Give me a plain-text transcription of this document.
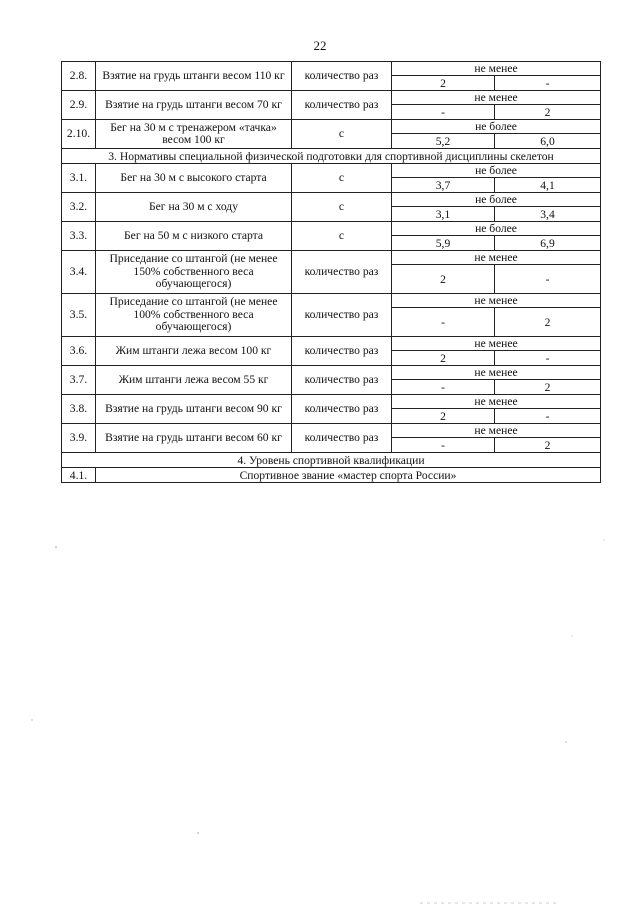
22
2.8.	Взятие на грудь штанги весом 110 кг	количество раз	не менее	
			2	-
2.9.	Взятие на грудь штанги весом 70 кг	количество раз	не менее	
			-	2
2.10.	Бег на 30 м с тренажером «тачка» весом 100 кг	с	не более	
			5,2	6,0
3. Нормативы специальной физической подготовки для спортивной дисциплины скелетон				
3.1.	Бег на 30 м с высокого старта	с	не более	
			3,7	4,1
3.2.	Бег на 30 м с ходу	с	не более	
			3,1	3,4
3.3.	Бег на 50 м с низкого старта	с	не более	
			5,9	6,9
3.4.	Приседание со штангой (не менее 150% собственного веса обучающегося)	количество раз	не менее	
			2	-
3.5.	Приседание со штангой (не менее 100% собственного веса обучающегося)	количество раз	не менее	
			-	2
3.6.	Жим штанги лежа весом 100 кг	количество раз	не менее	
			2	-
3.7.	Жим штанги лежа весом 55 кг	количество раз	не менее	
			-	2
3.8.	Взятие на грудь штанги весом 90 кг	количество раз	не менее	
			2	-
3.9.	Взятие на грудь штанги весом 60 кг	количество раз	не менее	
			-	2
4. Уровень спортивной квалификации				
4.1.	Спортивное звание «мастер спорта России»			
